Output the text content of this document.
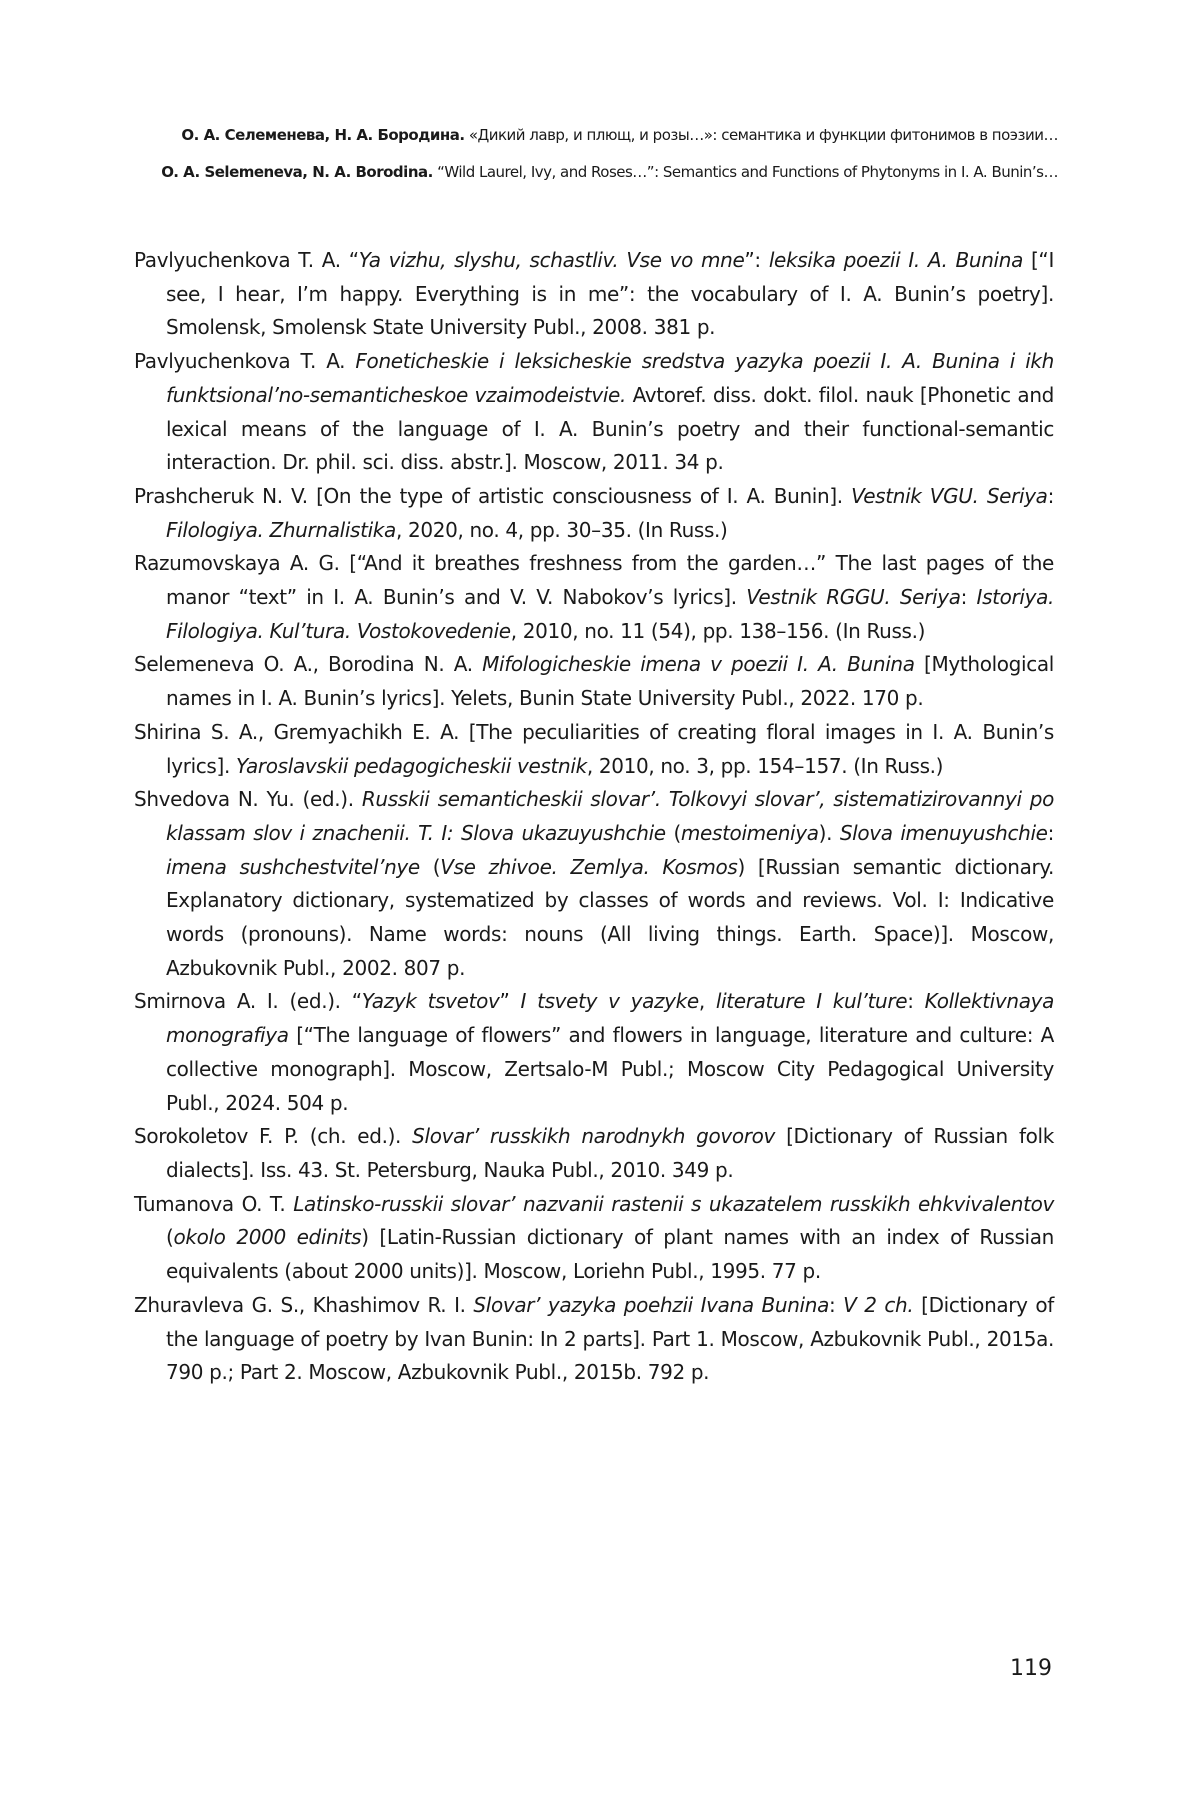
О. А. Селеменева, Н. А. Бородина. «Дикий лавр, и плющ, и розы…»: семантика и функции фитонимов в поэзии…
O. A. Selemeneva, N. A. Borodina. “Wild Laurel, Ivy, and Roses…”: Semantics and Functions of Phytonyms in I. A. Bunin’s…

Pavlyuchenkova T. A. “Ya vizhu, slyshu, schastliv. Vse vo mne”: leksika poezii I. A. Bunina [“I see, I hear, I’m happy. Everything is in me”: the vocabulary of I. A. Bunin’s poetry]. Smolensk, Smolensk State University Publ., 2008. 381 p.

Pavlyuchenkova T. A. Foneticheskie i leksicheskie sredstva yazyka poezii I. A. Bunina i ikh funktsional’no-semanticheskoe vzaimodeistvie. Avtoref. diss. dokt. filol. nauk [Phonetic and lexical means of the language of I. A. Bunin’s poetry and their functional-semantic interaction. Dr. phil. sci. diss. abstr.]. Moscow, 2011. 34 p.

Prashcheruk N. V. [On the type of artistic consciousness of I. A. Bunin]. Vestnik VGU. Seriya: Filologiya. Zhurnalistika, 2020, no. 4, pp. 30–35. (In Russ.)

Razumovskaya A. G. [“And it breathes freshness from the garden…” The last pages of the manor “text” in I. A. Bunin’s and V. V. Nabokov’s lyrics]. Vestnik RGGU. Seriya: Istoriya. Filologiya. Kul’tura. Vostokovedenie, 2010, no. 11 (54), pp. 138–156. (In Russ.)

Selemeneva O. A., Borodina N. A. Mifologicheskie imena v poezii I. A. Bunina [Mythological names in I. A. Bunin’s lyrics]. Yelets, Bunin State University Publ., 2022. 170 p.

Shirina S. A., Gremyachikh E. A. [The peculiarities of creating floral images in I. A. Bunin’s lyrics]. Yaroslavskii pedagogicheskii vestnik, 2010, no. 3, pp. 154–157. (In Russ.)

Shvedova N. Yu. (ed.). Russkii semanticheskii slovar’. Tolkovyi slovar’, sistematizirovannyi po klassam slov i znachenii. T. I: Slova ukazuyushchie (mestoimeniya). Slova imenuyushchie: imena sushchestvitel’nye (Vse zhivoe. Zemlya. Kosmos) [Russian semantic dictionary. Explanatory dictionary, systematized by classes of words and reviews. Vol. I: Indicative words (pronouns). Name words: nouns (All living things. Earth. Space)]. Moscow, Azbukovnik Publ., 2002. 807 p.

Smirnova A. I. (ed.). “Yazyk tsvetov” I tsvety v yazyke, literature I kul’ture: Kollektivnaya monografiya [“The language of flowers” and flowers in language, literature and culture: A collective monograph]. Moscow, Zertsalo-M Publ.; Moscow City Pedagogical University Publ., 2024. 504 p.

Sorokoletov F. P. (ch. ed.). Slovar’ russkikh narodnykh govorov [Dictionary of Russian folk dialects]. Iss. 43. St. Petersburg, Nauka Publ., 2010. 349 p.

Tumanova O. T. Latinsko-russkii slovar’ nazvanii rastenii s ukazatelem russkikh ehkvivalentov (okolo 2000 edinits) [Latin-Russian dictionary of plant names with an index of Russian equivalents (about 2000 units)]. Moscow, Loriehn Publ., 1995. 77 p.

Zhuravleva G. S., Khashimov R. I. Slovar’ yazyka poehzii Ivana Bunina: V 2 ch. [Dictionary of the language of poetry by Ivan Bunin: In 2 parts]. Part 1. Moscow, Azbukovnik Publ., 2015a. 790 p.; Part 2. Moscow, Azbukovnik Publ., 2015b. 792 p.

119
